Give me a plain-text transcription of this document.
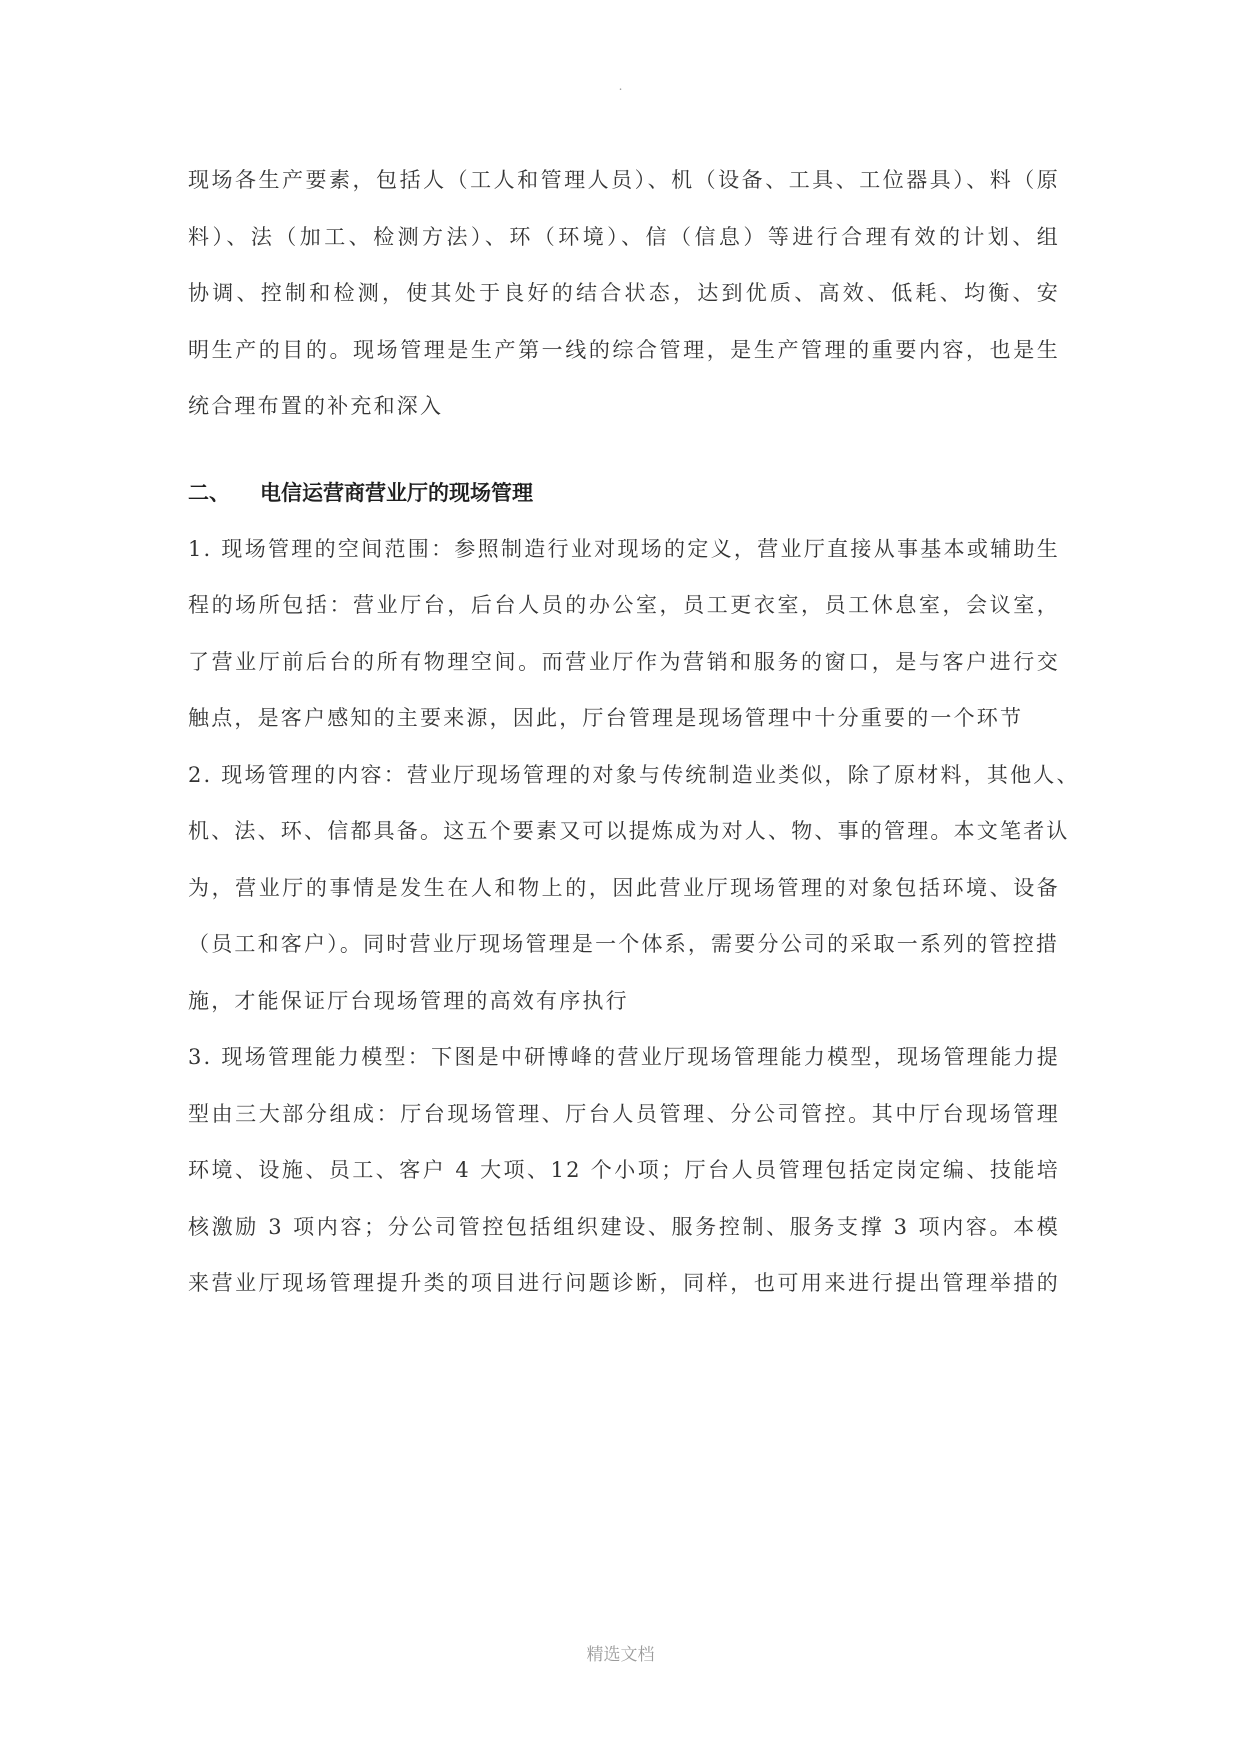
.
现场各生产要素，包括人（工人和管理人员）、机（设备、工具、工位器具）、料（原
料）、法（加工、检测方法）、环（环境）、信（信息）等进行合理有效的计划、组
协调、控制和检测，使其处于良好的结合状态，达到优质、高效、低耗、均衡、安
明生产的目的。现场管理是生产第一线的综合管理，是生产管理的重要内容，也是生
统合理布置的补充和深入
二、 电信运营商营业厅的现场管理
1. 现场管理的空间范围：参照制造行业对现场的定义，营业厅直接从事基本或辅助生
程的场所包括：营业厅台，后台人员的办公室，员工更衣室，员工休息室，会议室，
了营业厅前后台的所有物理空间。而营业厅作为营销和服务的窗口，是与客户进行交
触点，是客户感知的主要来源，因此，厅台管理是现场管理中十分重要的一个环节
2. 现场管理的内容：营业厅现场管理的对象与传统制造业类似，除了原材料，其他人、
机、法、环、信都具备。这五个要素又可以提炼成为对人、物、事的管理。本文笔者认
为，营业厅的事情是发生在人和物上的，因此营业厅现场管理的对象包括环境、设备
（员工和客户）。同时营业厅现场管理是一个体系，需要分公司的采取一系列的管控措
施，才能保证厅台现场管理的高效有序执行
3. 现场管理能力模型：下图是中研博峰的营业厅现场管理能力模型，现场管理能力提
型由三大部分组成：厅台现场管理、厅台人员管理、分公司管控。其中厅台现场管理
环境、设施、员工、客户 4 大项、12 个小项；厅台人员管理包括定岗定编、技能培
核激励 3 项内容；分公司管控包括组织建设、服务控制、服务支撑 3 项内容。本模
来营业厅现场管理提升类的项目进行问题诊断，同样，也可用来进行提出管理举措的
精选文档
